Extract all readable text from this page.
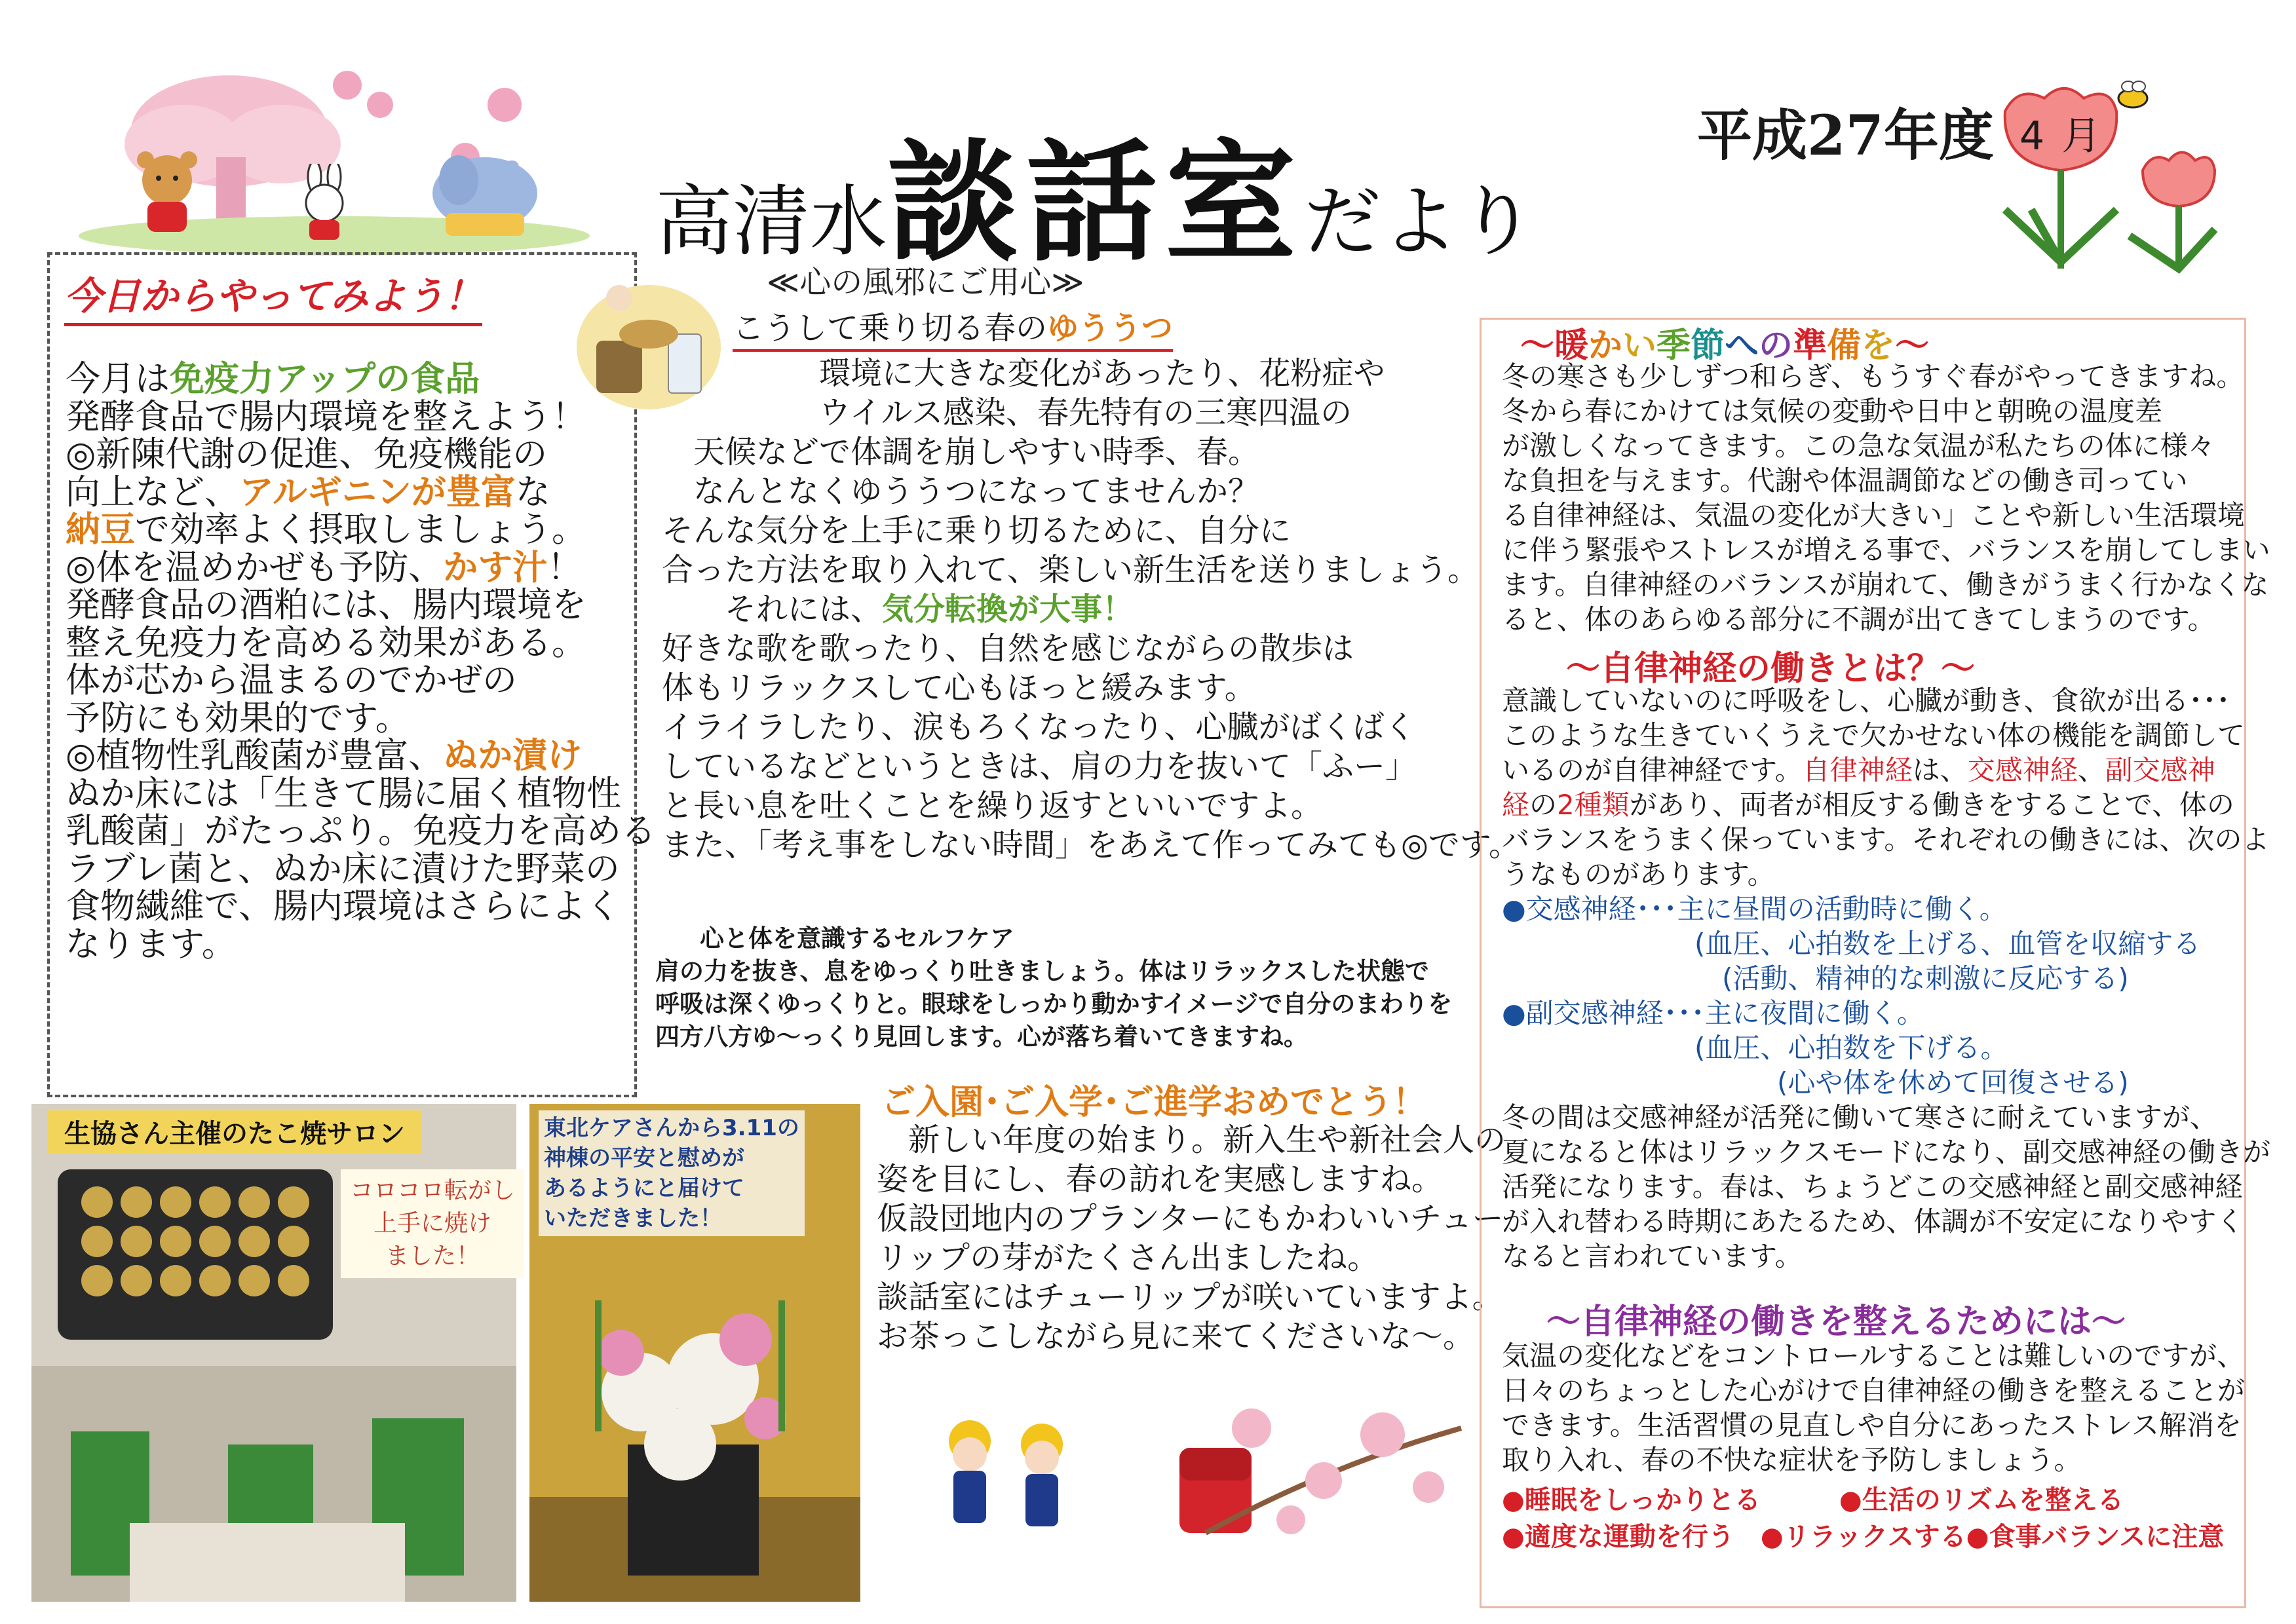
高清水談話室だより
平成27年度 4 月
今日からやってみよう！
今月は免疫力アップの食品
発酵食品で腸内環境を整えよう！
◎新陳代謝の促進、免疫機能の
向上など、アルギニンが豊富な
納豆で効率よく摂取しましょう。
◎体を温めかぜも予防、かす汁！
発酵食品の酒粕には、腸内環境を
整え免疫力を高める効果がある。
体が芯から温まるのでかぜの
予防にも効果的です。
◎植物性乳酸菌が豊富、ぬか漬け
ぬか床には「生きて腸に届く植物性
乳酸菌」がたっぷり。免疫力を高める
ラブレ菌と、ぬか床に漬けた野菜の
食物繊維で、腸内環境はさらによく
なります。
≪心の風邪にご用心≫
こうして乗り切る春のゆううつ
　　　　　環境に大きな変化があったり、花粉症や
　　　　　ウイルス感染、春先特有の三寒四温の
　天候などで体調を崩しやすい時季、春。
　なんとなくゆううつになってませんか？
そんな気分を上手に乗り切るために、自分に
合った方法を取り入れて、楽しい新生活を送りましょう。
　　それには、気分転換が大事！
好きな歌を歌ったり、自然を感じながらの散歩は
体もリラックスして心もほっと緩みます。
イライラしたり、涙もろくなったり、心臓がばくばく
しているなどというときは、肩の力を抜いて「ふー」
と長い息を吐くことを繰り返すといいですよ。
また、「考え事をしない時間」をあえて作ってみても◎です。
心と体を意識するセルフケア
肩の力を抜き、息をゆっくり吐きましょう。体はリラックスした状態で
呼吸は深くゆっくりと。眼球をしっかり動かすイメージで自分のまわりを
四方八方ゆ～っくり見回します。心が落ち着いてきますね。
ご入園･ご入学･ご進学おめでとう！
　新しい年度の始まり。新入生や新社会人の
姿を目にし、春の訪れを実感しますね。
仮設団地内のプランターにもかわいいチュー
リップの芽がたくさん出ましたね。
談話室にはチューリップが咲いていますよ。
お茶っこしながら見に来てくださいな～。
生協さん主催のたこ焼サロン
コロコロ転がし
上手に焼け
ました！
東北ケアさんから3.11の
神棟の平安と慰めが
あるようにと届けて
いただきました！
～暖かい季節への準備を～
冬の寒さも少しずつ和らぎ、もうすぐ春がやってきますね。
冬から春にかけては気候の変動や日中と朝晩の温度差
が激しくなってきます。この急な気温が私たちの体に様々
な負担を与えます。代謝や体温調節などの働き司ってい
る自律神経は、気温の変化が大きい」ことや新しい生活環境
に伴う緊張やストレスが増える事で、バランスを崩してしまい
ます。自律神経のバランスが崩れて、働きがうまく行かなくな
ると、体のあらゆる部分に不調が出てきてしまうのです。
～自律神経の働きとは？～
意識していないのに呼吸をし、心臓が動き、食欲が出る･･･
このような生きていくうえで欠かせない体の機能を調節して
いるのが自律神経です。自律神経は、交感神経、副交感神
経の2種類があり、両者が相反する働きをすることで、体の
バランスをうまく保っています。それぞれの働きには、次のよ
うなものがあります。
●交感神経･･･主に昼間の活動時に働く。
　　　　　　　(血圧、心拍数を上げる、血管を収縮する
　　　　　　　　(活動、精神的な刺激に反応する)
●副交感神経･･･主に夜間に働く。
　　　　　　　(血圧、心拍数を下げる。
　　　　　　　　　　(心や体を休めて回復させる)
冬の間は交感神経が活発に働いて寒さに耐えていますが、
夏になると体はリラックスモードになり、副交感神経の働きが
活発になります。春は、ちょうどこの交感神経と副交感神経
が入れ替わる時期にあたるため、体調が不安定になりやすく
なると言われています。
～自律神経の働きを整えるためには～
気温の変化などをコントロールすることは難しいのですが、
日々のちょっとした心がけで自律神経の働きを整えることが
できます。生活習慣の見直しや自分にあったストレス解消を
取り入れ、春の不快な症状を予防しましょう。
●睡眠をしっかりとる　　　●生活のリズムを整える
●適度な運動を行う　●リラックスする●食事バランスに注意
